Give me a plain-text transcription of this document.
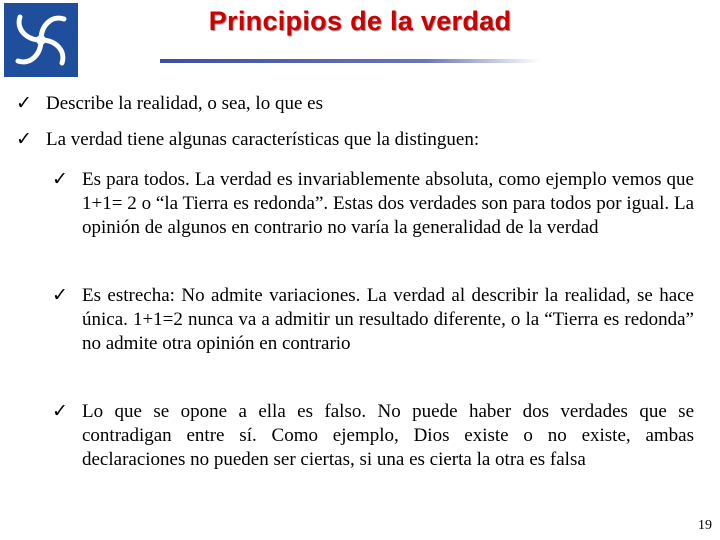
Principios de la verdad
✓ Describe la realidad, o sea, lo que es
✓ La verdad tiene algunas características que la distinguen:
✓ Es para todos. La verdad es invariablemente absoluta, como ejemplo vemos que 1+1= 2 o “la Tierra es redonda”. Estas dos verdades son para todos por igual. La opinión de algunos en contrario no varía la generalidad de la verdad
✓ Es estrecha: No admite variaciones. La verdad al describir la realidad, se hace única. 1+1=2 nunca va a admitir un resultado diferente, o la “Tierra es redonda” no admite otra opinión en contrario
✓ Lo que se opone a ella es falso. No puede haber dos verdades que se contradigan entre sí. Como ejemplo, Dios existe o no existe, ambas declaraciones no pueden ser ciertas, si una es cierta la otra es falsa
19
